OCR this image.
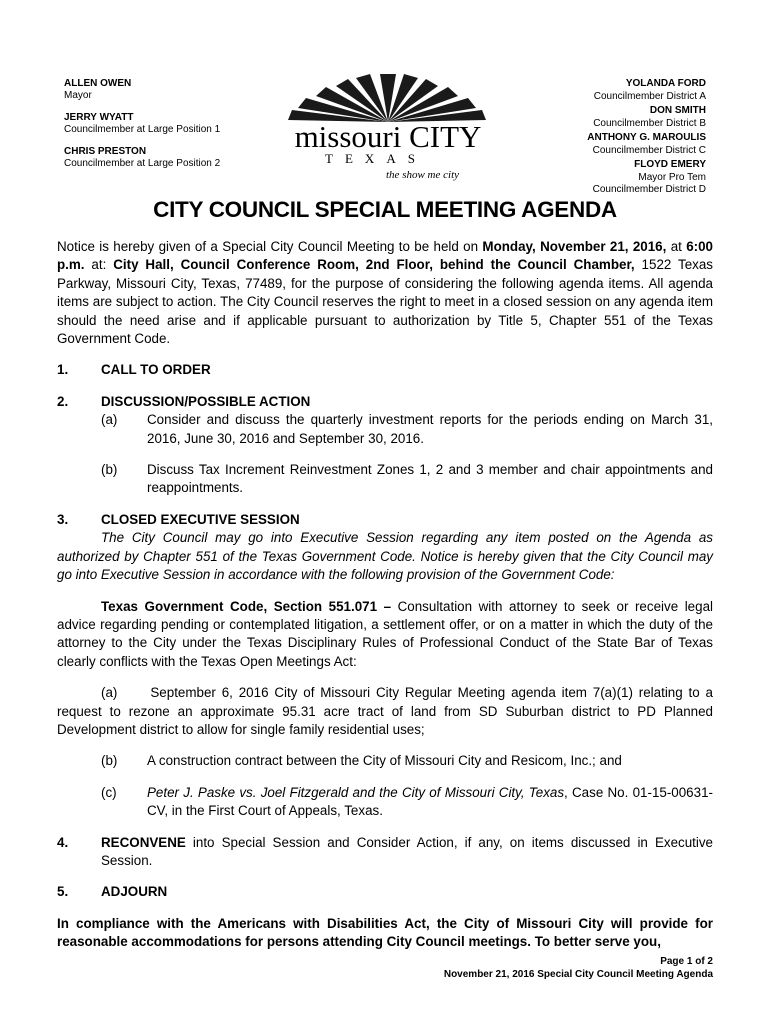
ALLEN OWEN
Mayor
JERRY WYATT
Councilmember at Large Position 1
CHRIS PRESTON
Councilmember at Large Position 2
missouri CITY
TEXAS
the show me city
YOLANDA FORD
Councilmember District A
DON SMITH
Councilmember District B
ANTHONY G. MAROULIS
Councilmember District C
FLOYD EMERY
Mayor Pro Tem
Councilmember District D
CITY COUNCIL SPECIAL MEETING AGENDA

Notice is hereby given of a Special City Council Meeting to be held on Monday, November 21, 2016, at 6:00 p.m. at: City Hall, Council Conference Room, 2nd Floor, behind the Council Chamber, 1522 Texas Parkway, Missouri City, Texas, 77489, for the purpose of considering the following agenda items. All agenda items are subject to action. The City Council reserves the right to meet in a closed session on any agenda item should the need arise and if applicable pursuant to authorization by Title 5, Chapter 551 of the Texas Government Code.

1. CALL TO ORDER
2. DISCUSSION/POSSIBLE ACTION
(a) Consider and discuss the quarterly investment reports for the periods ending on March 31, 2016, June 30, 2016 and September 30, 2016.
(b) Discuss Tax Increment Reinvestment Zones 1, 2 and 3 member and chair appointments and reappointments.
3. CLOSED EXECUTIVE SESSION

The City Council may go into Executive Session regarding any item posted on the Agenda as authorized by Chapter 551 of the Texas Government Code. Notice is hereby given that the City Council may go into Executive Session in accordance with the following provision of the Government Code:

Texas Government Code, Section 551.071 – Consultation with attorney to seek or receive legal advice regarding pending or contemplated litigation, a settlement offer, or on a matter in which the duty of the attorney to the City under the Texas Disciplinary Rules of Professional Conduct of the State Bar of Texas clearly conflicts with the Texas Open Meetings Act:

(a) September 6, 2016 City of Missouri City Regular Meeting agenda item 7(a)(1) relating to a request to rezone an approximate 95.31 acre tract of land from SD Suburban district to PD Planned Development district to allow for single family residential uses;

(b) A construction contract between the City of Missouri City and Resicom, Inc.; and
(c) Peter J. Paske vs. Joel Fitzgerald and the City of Missouri City, Texas, Case No. 01-15-00631-CV, in the First Court of Appeals, Texas.
4. RECONVENE into Special Session and Consider Action, if any, on items discussed in Executive Session.
5. ADJOURN

In compliance with the Americans with Disabilities Act, the City of Missouri City will provide for reasonable accommodations for persons attending City Council meetings. To better serve you,

Page 1 of 2
November 21, 2016 Special City Council Meeting Agenda
